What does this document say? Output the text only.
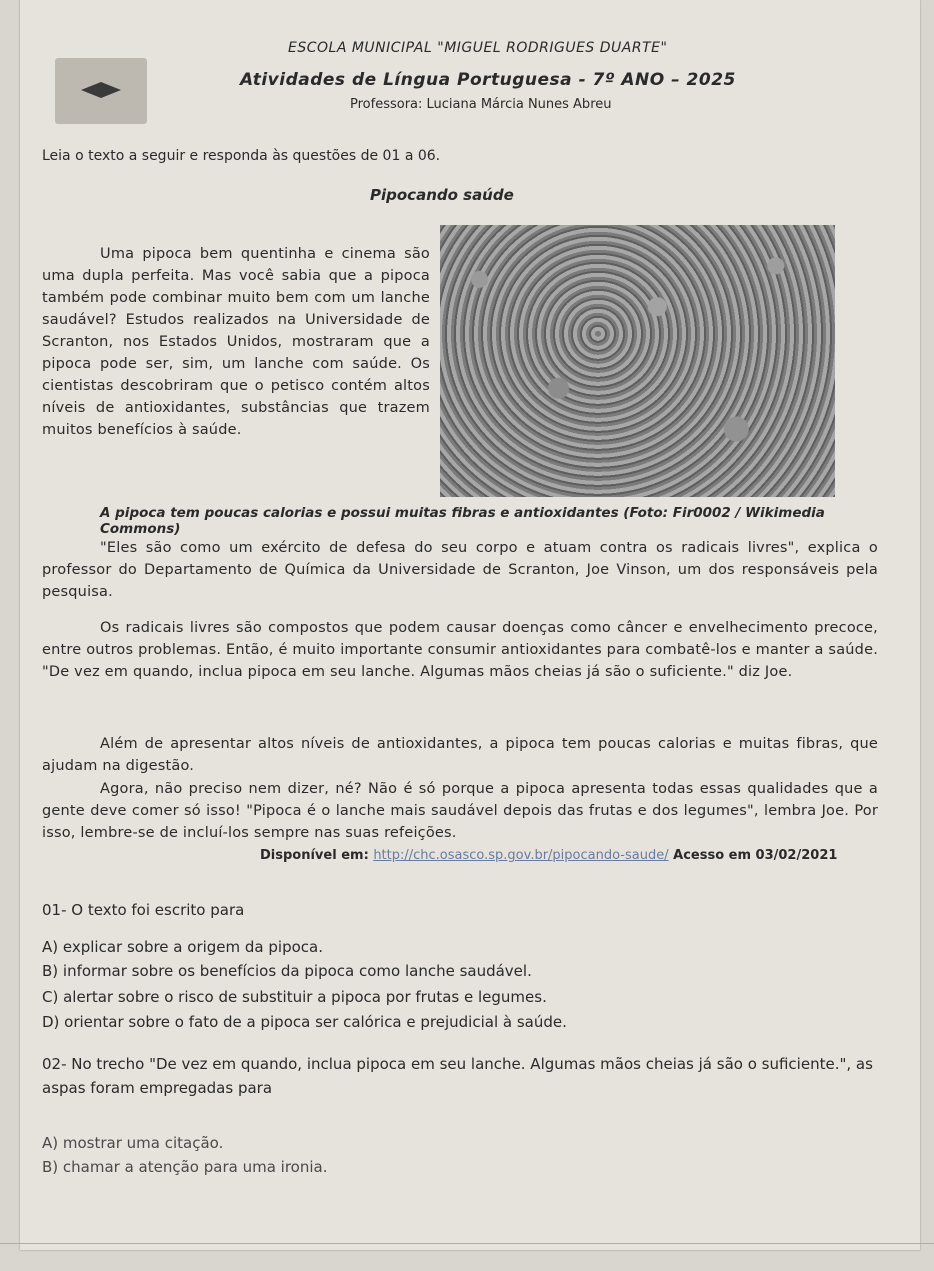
ESCOLA MUNICIPAL "MIGUEL RODRIGUES DUARTE"
Atividades de Língua Portuguesa - 7º ANO – 2025
Professora: Luciana Márcia Nunes Abreu
Leia o texto a seguir e responda às questões de 01 a 06.
Pipocando saúde
Uma pipoca bem quentinha e cinema são uma dupla perfeita. Mas você sabia que a pipoca também pode combinar muito bem com um lanche saudável? Estudos realizados na Universidade de Scranton, nos Estados Unidos, mostraram que a pipoca pode ser, sim, um lanche com saúde. Os cientistas descobriram que o petisco contém altos níveis de antioxidantes, substâncias que trazem muitos benefícios à saúde.
A pipoca tem poucas calorias e possui muitas fibras e antioxidantes (Foto: Fir0002 / Wikimedia Commons)
"Eles são como um exército de defesa do seu corpo e atuam contra os radicais livres", explica o professor do Departamento de Química da Universidade de Scranton, Joe Vinson, um dos responsáveis pela pesquisa.
Os radicais livres são compostos que podem causar doenças como câncer e envelhecimento precoce, entre outros problemas. Então, é muito importante consumir antioxidantes para combatê-los e manter a saúde. "De vez em quando, inclua pipoca em seu lanche. Algumas mãos cheias já são o suficiente." diz Joe.
Além de apresentar altos níveis de antioxidantes, a pipoca tem poucas calorias e muitas fibras, que ajudam na digestão.
Agora, não preciso nem dizer, né? Não é só porque a pipoca apresenta todas essas qualidades que a gente deve comer só isso! "Pipoca é o lanche mais saudável depois das frutas e dos legumes", lembra Joe. Por isso, lembre-se de incluí-los sempre nas suas refeições.
Disponível em: http://chc.osasco.sp.gov.br/pipocando-saude/ Acesso em 03/02/2021
01- O texto foi escrito para
A) explicar sobre a origem da pipoca.
B) informar sobre os benefícios da pipoca como lanche saudável.
C) alertar sobre o risco de substituir a pipoca por frutas e legumes.
D) orientar sobre o fato de a pipoca ser calórica e prejudicial à saúde.
02- No trecho "De vez em quando, inclua pipoca em seu lanche. Algumas mãos cheias já são o suficiente.", as aspas foram empregadas para
A) mostrar uma citação.
B) chamar a atenção para uma ironia.
